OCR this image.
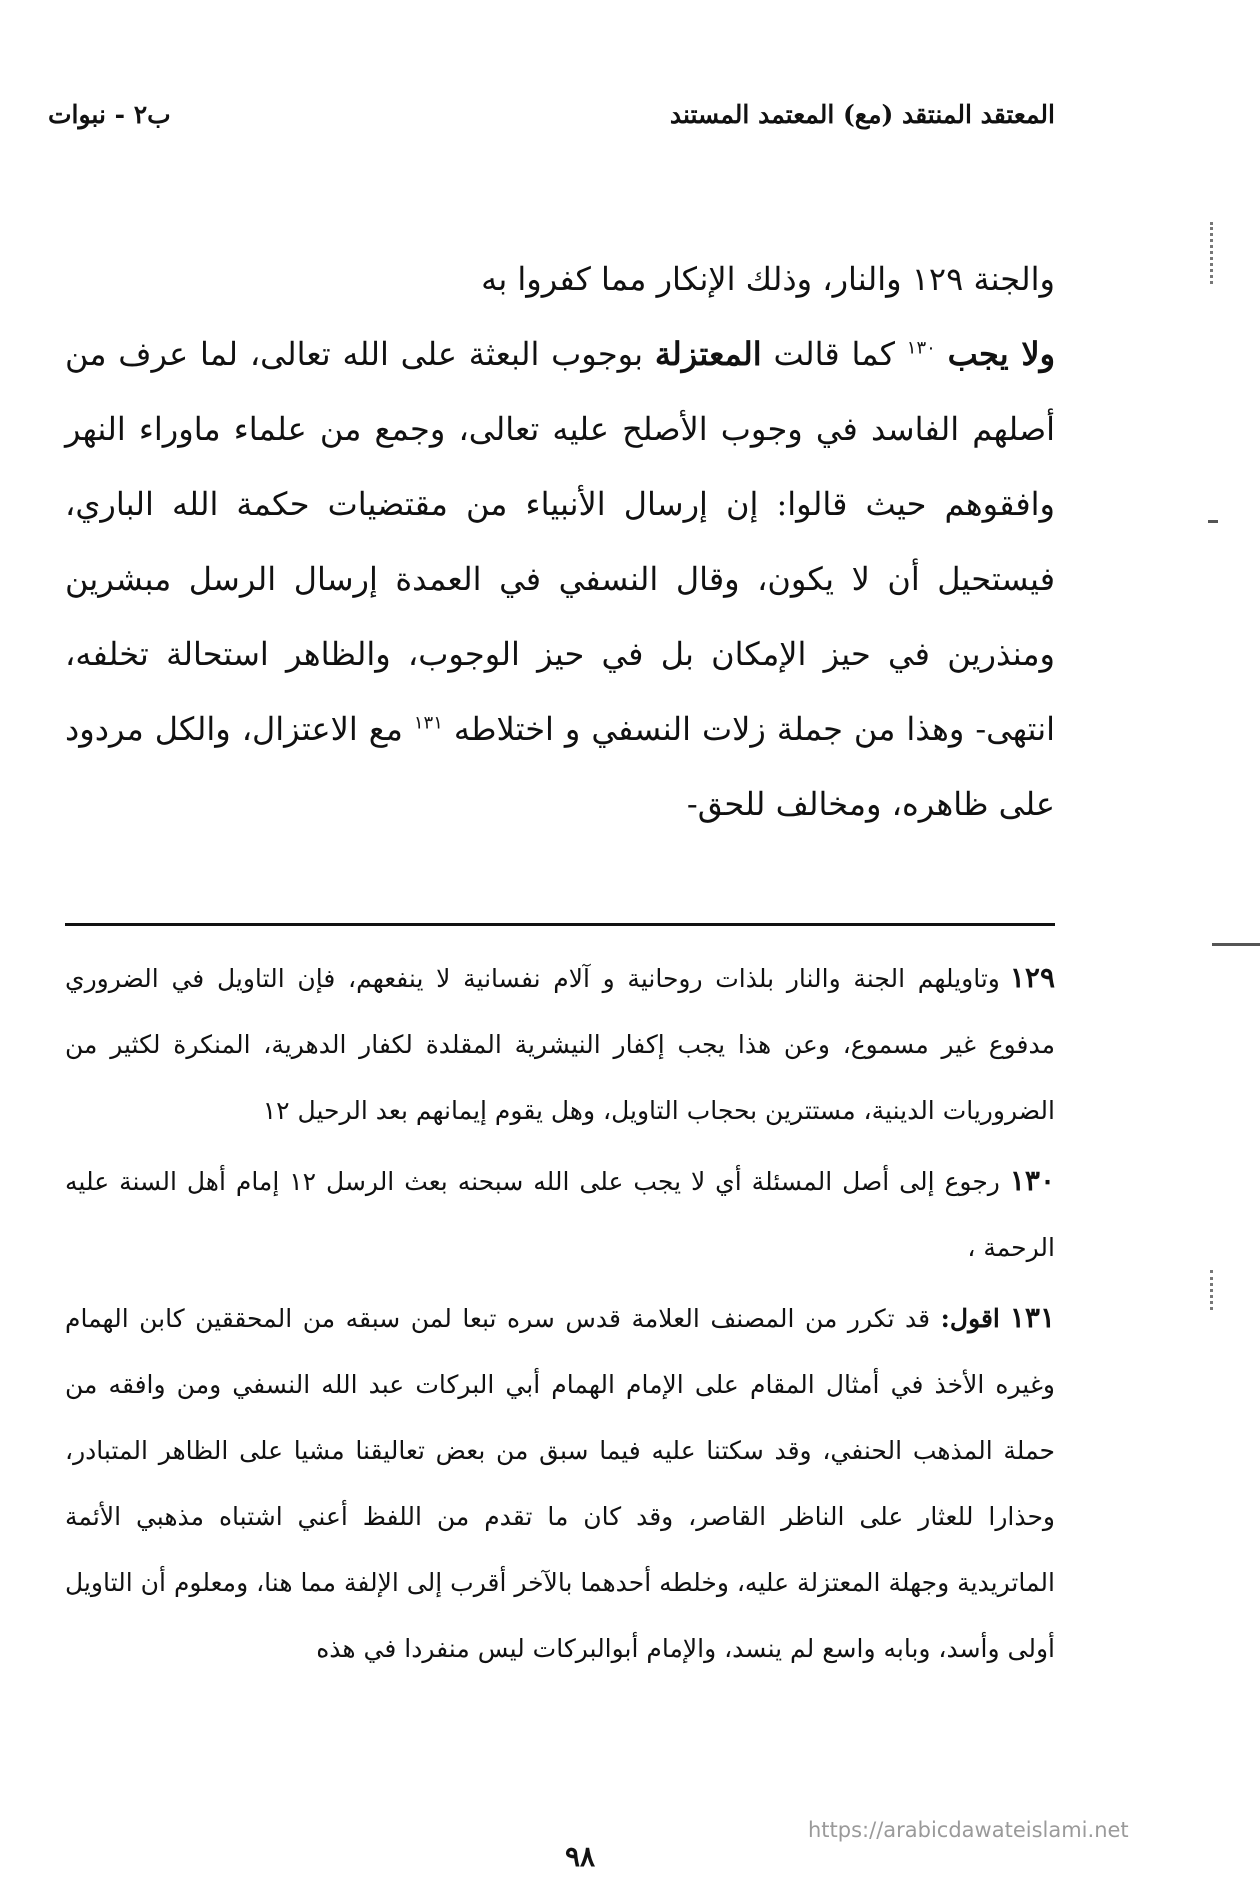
المعتقد المنتقد (مع) المعتمد المستند
ب٢ - نبوات

والجنة ١٢٩ والنار، وذلك الإنكار مما كفروا به

ولا يجب $^{١٣٠}$ كما قالت المعتزلة بوجوب البعثة على الله تعالى، لما عرف من أصلهم الفاسد في وجوب الأصلح عليه تعالى، وجمع من علماء ماوراء النهر وافقوهم حيث قالوا: إن إرسال الأنبياء من مقتضيات حكمة الله الباري، فيستحيل أن لا يكون، وقال النسفي في العمدة إرسال الرسل مبشرين ومنذرين في حيز الإمكان بل في حيز الوجوب، والظاهر استحالة تخلفه، انتهى- وهذا من جملة زلات النسفي و اختلاطه $^{١٣١}$ مع الاعتزال، والكل مردود على ظاهره، ومخالف للحق-

١٢٩وتاويلهم الجنة والنار بلذات روحانية و آلام نفسانية لا ينفعهم، فإن التاويل في الضروري مدفوع غير مسموع، وعن هذا يجب إكفار النيشرية المقلدة لكفار الدهرية، المنكرة لكثير من الضروريات الدينية، مستترين بحجاب التاويل، وهل يقوم إيمانهم بعد الرحيل ١٢

١٣٠رجوع إلى أصل المسئلة أي لا يجب على الله سبحنه بعث الرسل ١٢ إمام أهل السنة عليه الرحمة ،

١٣١اقول: قد تكرر من المصنف العلامة قدس سره تبعا لمن سبقه من المحققين كابن الهمام وغيره الأخذ في أمثال المقام على الإمام الهمام أبي البركات عبد الله النسفي ومن وافقه من حملة المذهب الحنفي، وقد سكتنا عليه فيما سبق من بعض تعاليقنا مشيا على الظاهر المتبادر، وحذارا للعثار على الناظر القاصر، وقد كان ما تقدم من اللفظ أعني اشتباه مذهبي الأئمة الماتريدية وجهلة المعتزلة عليه، وخلطه أحدهما بالآخر أقرب إلى الإلفة مما هنا، ومعلوم أن التاويل أولى وأسد، وبابه واسع لم ينسد، والإمام أبوالبركات ليس منفردا في هذه

٩٨
https://arabicdawateislami.net
